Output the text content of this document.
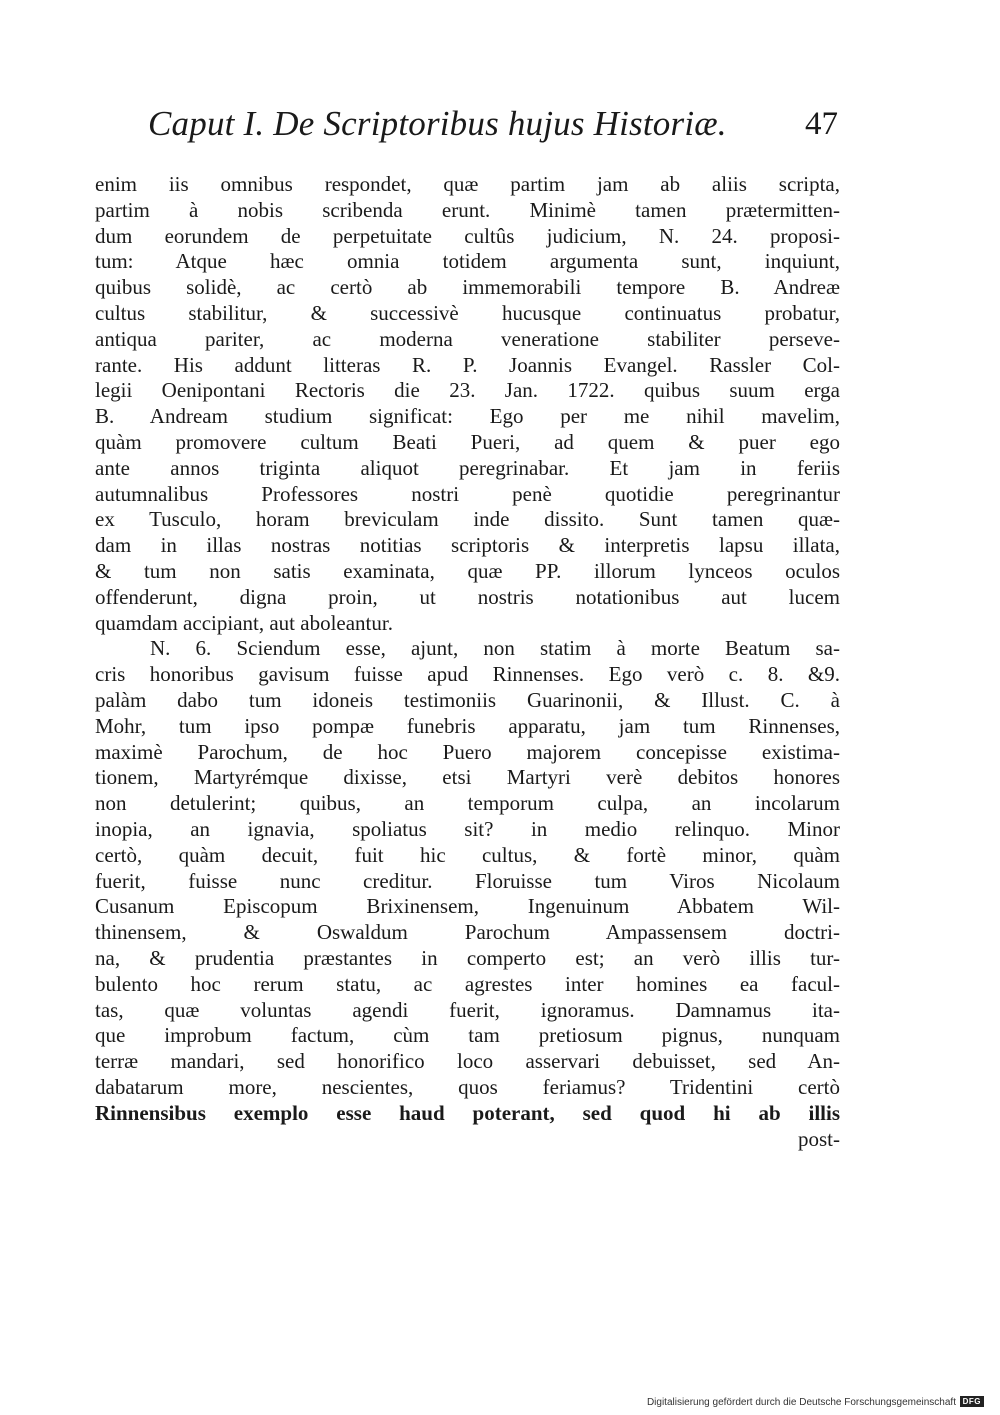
Caput I. De Scriptoribus hujus Historiæ. 47
enim iis omnibus respondet, quæ partim jam ab aliis scripta,
partim à nobis scribenda erunt. Minimè tamen prætermitten-
dum eorundem de perpetuitate cultûs judicium, N. 24. proposi-
tum: Atque hæc omnia totidem argumenta sunt, inquiunt,
quibus solidè, ac certò ab immemorabili tempore B. Andreæ
cultus stabilitur, & successivè hucusque continuatus probatur,
antiqua pariter, ac moderna veneratione stabiliter perseve-
rante. His addunt litteras R. P. Joannis Evangel. Rassler Col-
legii Oenipontani Rectoris die 23. Jan. 1722. quibus suum erga
B. Andream studium significat: Ego per me nihil mavelim,
quàm promovere cultum Beati Pueri, ad quem & puer ego
ante annos triginta aliquot peregrinabar. Et jam in feriis
autumnalibus Professores nostri penè quotidie peregrinantur
ex Tusculo, horam breviculam inde dissito. Sunt tamen quæ-
dam in illas nostras notitias scriptoris & interpretis lapsu illata,
& tum non satis examinata, quæ PP. illorum lynceos oculos
offenderunt, digna proin, ut nostris notationibus aut lucem
quamdam accipiant, aut aboleantur.
N. 6. Sciendum esse, ajunt, non statim à morte Beatum sa-
cris honoribus gavisum fuisse apud Rinnenses. Ego verò c. 8. &9.
palàm dabo tum idoneis testimoniis Guarinonii, & Illust. C. à
Mohr, tum ipso pompæ funebris apparatu, jam tum Rinnenses,
maximè Parochum, de hoc Puero majorem concepisse existima-
tionem, Martyrémque dixisse, etsi Martyri verè debitos honores
non detulerint; quibus, an temporum culpa, an incolarum
inopia, an ignavia, spoliatus sit? in medio relinquo. Minor
certò, quàm decuit, fuit hic cultus, & fortè minor, quàm
fuerit, fuisse nunc creditur. Floruisse tum Viros Nicolaum
Cusanum Episcopum Brixinensem, Ingenuinum Abbatem Wil-
thinensem, & Oswaldum Parochum Ampassensem doctri-
na, & prudentia præstantes in comperto est; an verò illis tur-
bulento hoc rerum statu, ac agrestes inter homines ea facul-
tas, quæ voluntas agendi fuerit, ignoramus. Damnamus ita-
que improbum factum, cùm tam pretiosum pignus, nunquam
terræ mandari, sed honorifico loco asservari debuisset, sed An-
dabatarum more, nescientes, quos feriamus? Tridentini certò
Rinnensibus exemplo esse haud poterant, sed quod hi ab illis
post-
Digitalisierung gefördert durch die Deutsche Forschungsgemeinschaft DFG
